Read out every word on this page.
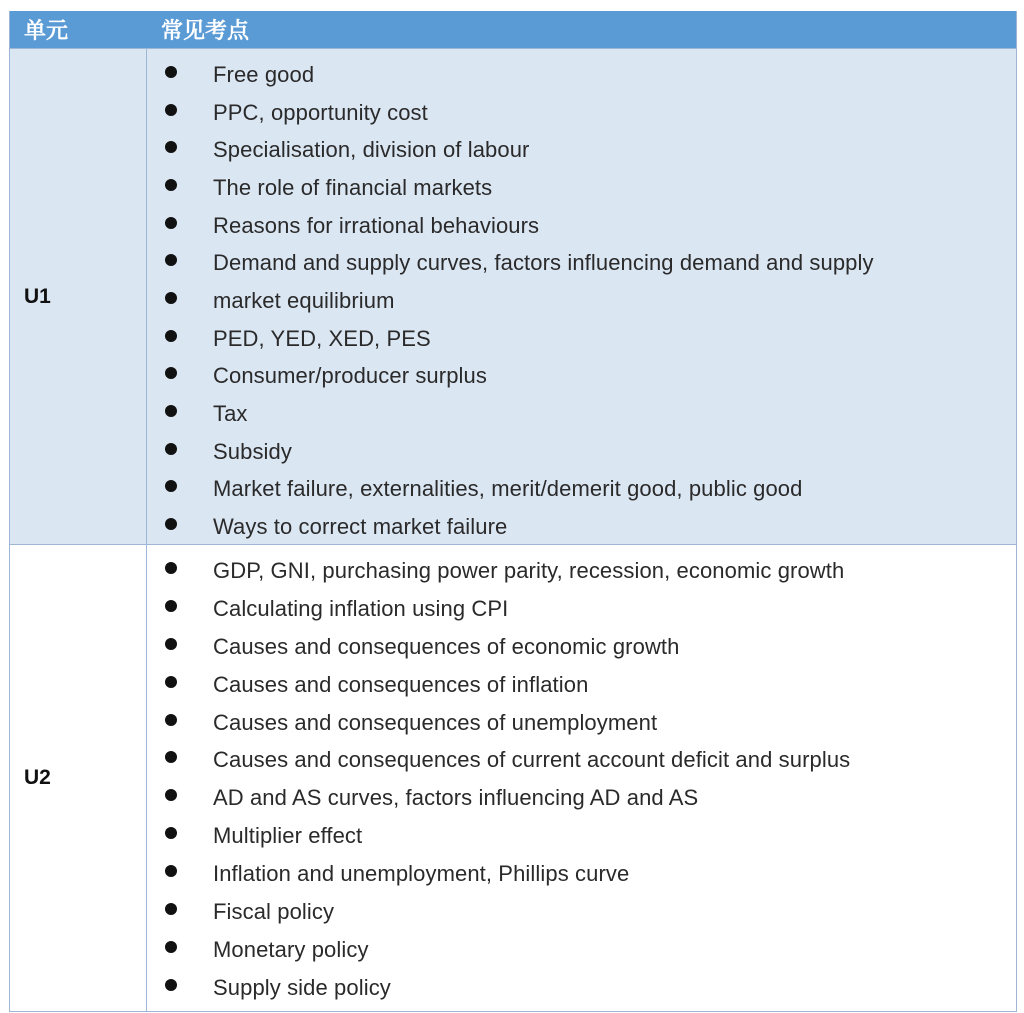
单元	常见考点
U1
Free good
PPC, opportunity cost
Specialisation, division of labour
The role of financial markets
Reasons for irrational behaviours
Demand and supply curves, factors influencing demand and supply
market equilibrium
PED, YED, XED, PES
Consumer/producer surplus
Tax
Subsidy
Market failure, externalities, merit/demerit good, public good
Ways to correct market failure
U2
GDP, GNI, purchasing power parity, recession, economic growth
Calculating inflation using CPI
Causes and consequences of economic growth
Causes and consequences of inflation
Causes and consequences of unemployment
Causes and consequences of current account deficit and surplus
AD and AS curves, factors influencing AD and AS
Multiplier effect
Inflation and unemployment, Phillips curve
Fiscal policy
Monetary policy
Supply side policy
